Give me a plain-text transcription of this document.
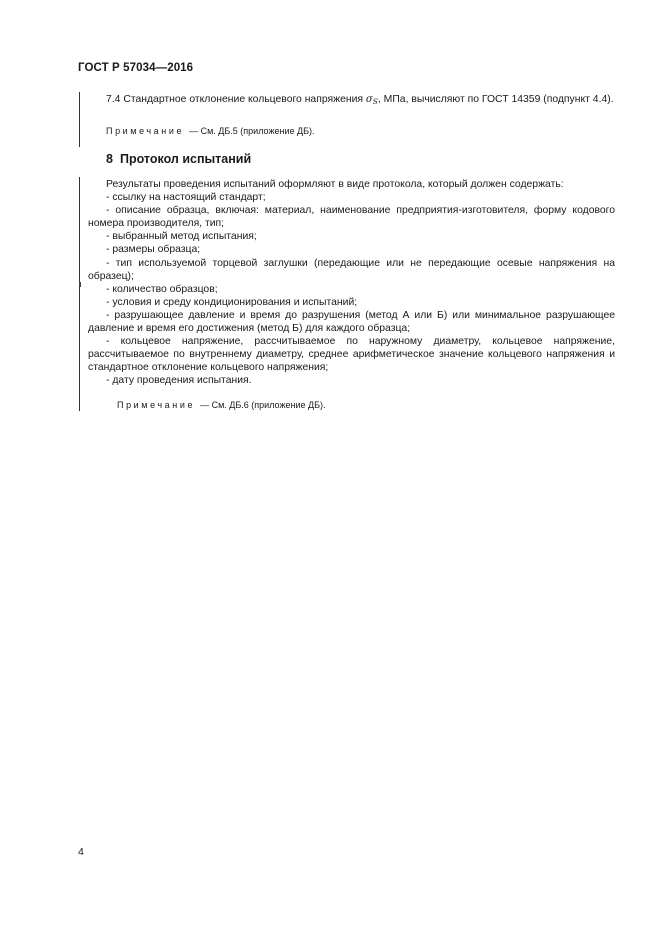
ГОСТ Р 57034—2016
7.4 Стандартное отклонение кольцевого напряжения $\sigma_S$, МПа, вычисляют по ГОСТ 14359 (подпункт 4.4).
Примечание — См. ДБ.5 (приложение ДБ).
8 Протокол испытаний
Результаты проведения испытаний оформляют в виде протокола, который должен содержать:
- ссылку на настоящий стандарт;
- описание образца, включая: материал, наименование предприятия-изготовителя, форму кодового номера производителя, тип;
- выбранный метод испытания;
- размеры образца;
- тип используемой торцевой заглушки (передающие или не передающие осевые напряжения на образец);
- количество образцов;
- условия и среду кондиционирования и испытаний;
- разрушающее давление и время до разрушения (метод А или Б) или минимальное разрушающее давление и время его достижения (метод Б) для каждого образца;
- кольцевое напряжение, рассчитываемое по наружному диаметру, кольцевое напряжение, рассчитываемое по внутреннему диаметру, среднее арифметическое значение кольцевого напряжения и стандартное отклонение кольцевого напряжения;
- дату проведения испытания.
Примечание — См. ДБ.6 (приложение ДБ).
4
